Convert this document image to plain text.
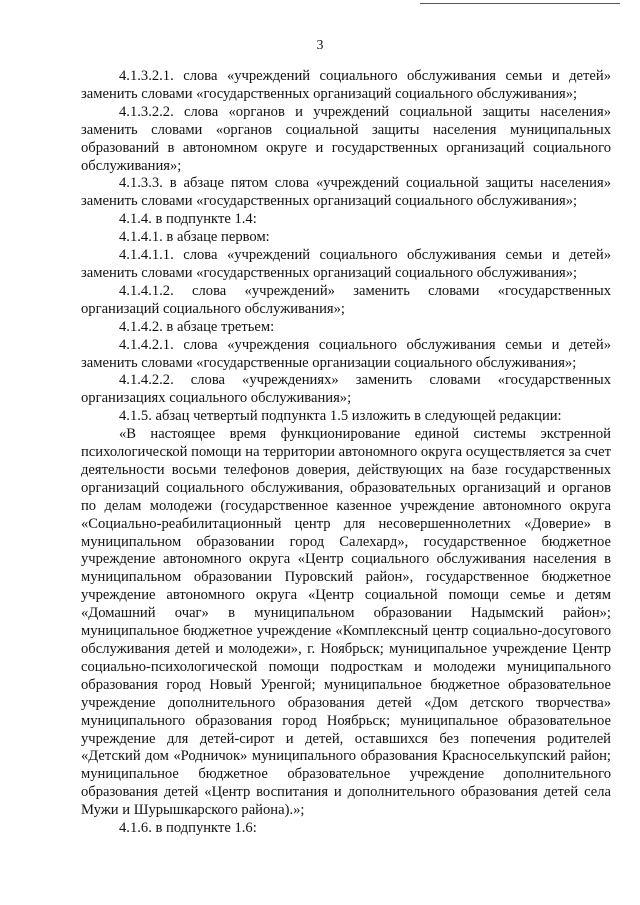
3

4.1.3.2.1. слова «учреждений социального обслуживания семьи и детей» заменить словами «государственных организаций социального обслуживания»;

4.1.3.2.2. слова «органов и учреждений социальной защиты населения» заменить словами «органов социальной защиты населения муниципальных образований в автономном округе и государственных организаций социального обслуживания»;

4.1.3.3. в абзаце пятом слова «учреждений социальной защиты населения» заменить словами «государственных организаций социального обслуживания»;

4.1.4. в подпункте 1.4:

4.1.4.1. в абзаце первом:

4.1.4.1.1. слова «учреждений социального обслуживания семьи и детей» заменить словами «государственных организаций социального обслуживания»;

4.1.4.1.2. слова «учреждений» заменить словами «государственных организаций социального обслуживания»;

4.1.4.2. в абзаце третьем:

4.1.4.2.1. слова «учреждения социального обслуживания семьи и детей» заменить словами «государственные организации социального обслуживания»;

4.1.4.2.2. слова «учреждениях» заменить словами «государственных организациях социального обслуживания»;

4.1.5. абзац четвертый подпункта 1.5 изложить в следующей редакции:

«В настоящее время функционирование единой системы экстренной психологической помощи на территории автономного округа осуществляется за счет деятельности восьми телефонов доверия, действующих на базе государственных организаций социального обслуживания, образовательных организаций и органов по делам молодежи (государственное казенное учреждение автономного округа «Социально-реабилитационный центр для несовершеннолетних «Доверие» в муниципальном образовании город Салехард», государственное бюджетное учреждение автономного округа «Центр социального обслуживания населения в муниципальном образовании Пуровский район», государственное бюджетное учреждение автономного округа «Центр социальной помощи семье и детям «Домашний очаг» в муниципальном образовании Надымский район»; муниципальное бюджетное учреждение «Комплексный центр социально-досугового обслуживания детей и молодежи», г. Ноябрьск; муниципальное учреждение Центр социально-психологической помощи подросткам и молодежи муниципального образования город Новый Уренгой; муниципальное бюджетное образовательное учреждение дополнительного образования детей «Дом детского творчества» муниципального образования город Ноябрьск; муниципальное образовательное учреждение для детей-сирот и детей, оставшихся без попечения родителей «Детский дом «Родничок» муниципального образования Красноселькупский район; муниципальное бюджетное образовательное учреждение дополнительного образования детей «Центр воспитания и дополнительного образования детей села Мужи и Шурышкарского района).»;

4.1.6. в подпункте 1.6:
